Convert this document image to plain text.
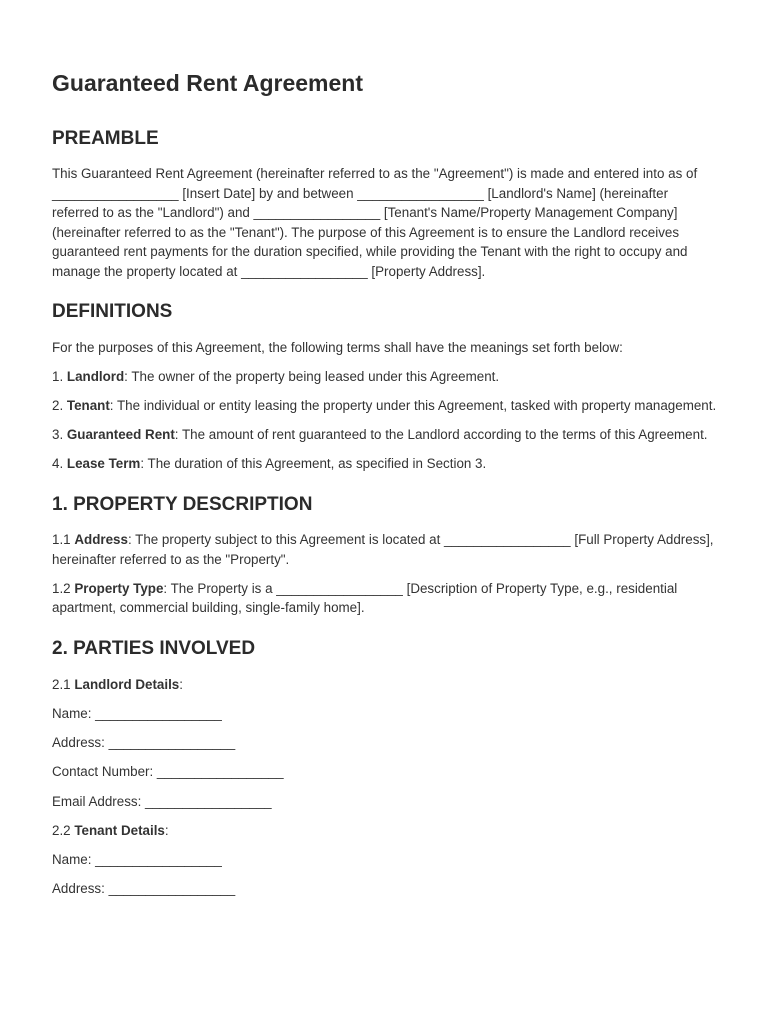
Guaranteed Rent Agreement
PREAMBLE

This Guaranteed Rent Agreement (hereinafter referred to as the "Agreement") is made and entered into as of _________________ [Insert Date] by and between _________________ [Landlord's Name] (hereinafter referred to as the "Landlord") and _________________ [Tenant's Name/Property Management Company] (hereinafter referred to as the "Tenant"). The purpose of this Agreement is to ensure the Landlord receives guaranteed rent payments for the duration specified, while providing the Tenant with the right to occupy and manage the property located at _________________ [Property Address].

DEFINITIONS

For the purposes of this Agreement, the following terms shall have the meanings set forth below:

1. Landlord: The owner of the property being leased under this Agreement.

2. Tenant: The individual or entity leasing the property under this Agreement, tasked with property management.

3. Guaranteed Rent: The amount of rent guaranteed to the Landlord according to the terms of this Agreement.

4. Lease Term: The duration of this Agreement, as specified in Section 3.

1. PROPERTY DESCRIPTION

1.1 Address: The property subject to this Agreement is located at _________________ [Full Property Address], hereinafter referred to as the "Property".

1.2 Property Type: The Property is a _________________ [Description of Property Type, e.g., residential apartment, commercial building, single-family home].

2. PARTIES INVOLVED

2.1 Landlord Details:

Name: _________________

Address: _________________

Contact Number: _________________

Email Address: _________________

2.2 Tenant Details:

Name: _________________

Address: _________________
